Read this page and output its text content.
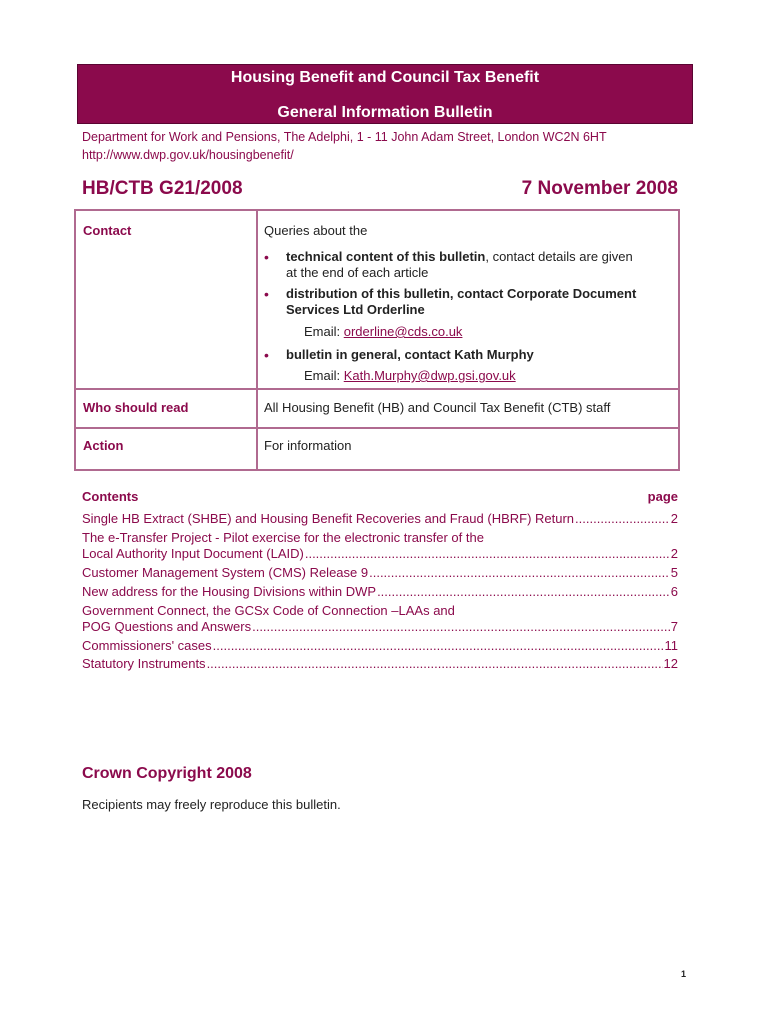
Housing Benefit and Council Tax Benefit
General Information Bulletin
Department for Work and Pensions, The Adelphi, 1 - 11 John Adam Street, London WC2N 6HT
http://www.dwp.gov.uk/housingbenefit/
HB/CTB G21/2008	7 November 2008
Contact	Queries about the
• technical content of this bulletin, contact details are given
at the end of each article
• distribution of this bulletin, contact Corporate Document
Services Ltd Orderline
Email: orderline@cds.co.uk
• bulletin in general, contact Kath Murphy
Email: Kath.Murphy@dwp.gsi.gov.uk
Who should read	All Housing Benefit (HB) and Council Tax Benefit (CTB) staff
Action	For information
Contents	page
Single HB Extract (SHBE) and Housing Benefit Recoveries and Fraud (HBRF) Return .....	2
The e-Transfer Project - Pilot exercise for the electronic transfer of the
Local Authority Input Document (LAID) .....	2
Customer Management System (CMS) Release 9 .....	5
New address for the Housing Divisions within DWP .....	6
Government Connect, the GCSx Code of Connection –LAAs and
POG Questions and Answers .....	7
Commissioners' cases .....	11
Statutory Instruments .....	12
Crown Copyright 2008
Recipients may freely reproduce this bulletin.
1
